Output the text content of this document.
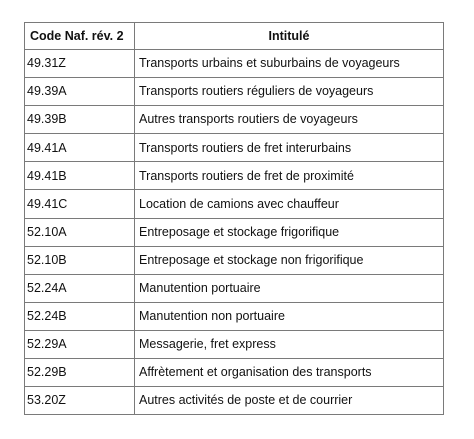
Code Naf. rév. 2	Intitulé
49.31Z	Transports urbains et suburbains de voyageurs
49.39A	Transports routiers réguliers de voyageurs
49.39B	Autres transports routiers de voyageurs
49.41A	Transports routiers de fret interurbains
49.41B	Transports routiers de fret de proximité
49.41C	Location de camions avec chauffeur
52.10A	Entreposage et stockage frigorifique
52.10B	Entreposage et stockage non frigorifique
52.24A	Manutention portuaire
52.24B	Manutention non portuaire
52.29A	Messagerie, fret express
52.29B	Affrètement et organisation des transports
53.20Z	Autres activités de poste et de courrier
